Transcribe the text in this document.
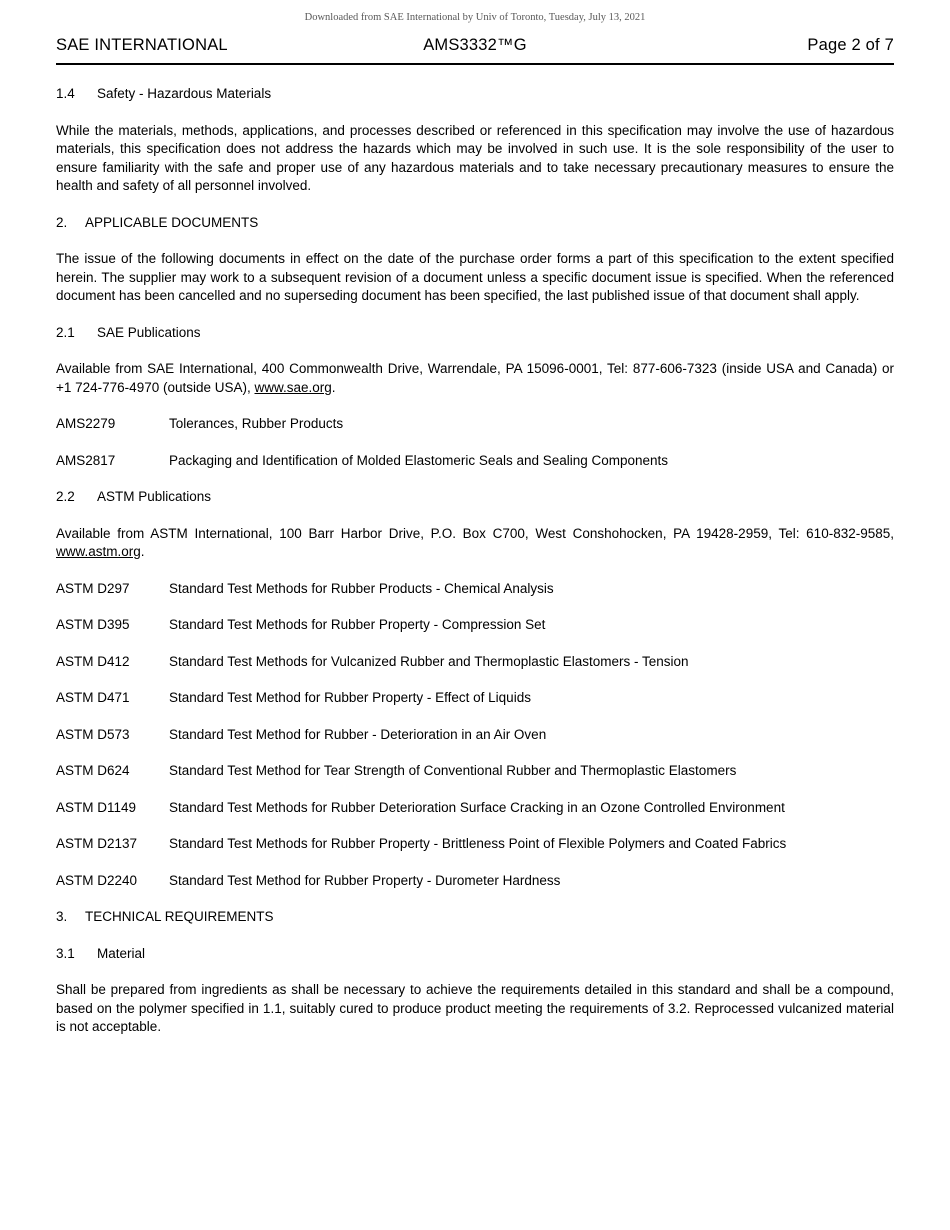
Downloaded from SAE International by Univ of Toronto, Tuesday, July 13, 2021
SAE INTERNATIONAL	AMS3332™G	Page 2 of 7

1.4 Safety - Hazardous Materials

While the materials, methods, applications, and processes described or referenced in this specification may involve the use of hazardous materials, this specification does not address the hazards which may be involved in such use. It is the sole responsibility of the user to ensure familiarity with the safe and proper use of any hazardous materials and to take necessary precautionary measures to ensure the health and safety of all personnel involved.

2. APPLICABLE DOCUMENTS

The issue of the following documents in effect on the date of the purchase order forms a part of this specification to the extent specified herein. The supplier may work to a subsequent revision of a document unless a specific document issue is specified. When the referenced document has been cancelled and no superseding document has been specified, the last published issue of that document shall apply.

2.1 SAE Publications

Available from SAE International, 400 Commonwealth Drive, Warrendale, PA 15096-0001, Tel: 877-606-7323 (inside USA and Canada) or +1 724-776-4970 (outside USA), www.sae.org.

AMS2279	Tolerances, Rubber Products
AMS2817	Packaging and Identification of Molded Elastomeric Seals and Sealing Components

2.2 ASTM Publications

Available from ASTM International, 100 Barr Harbor Drive, P.O. Box C700, West Conshohocken, PA 19428-2959, Tel: 610-832-9585, www.astm.org.

ASTM D297	Standard Test Methods for Rubber Products - Chemical Analysis
ASTM D395	Standard Test Methods for Rubber Property - Compression Set
ASTM D412	Standard Test Methods for Vulcanized Rubber and Thermoplastic Elastomers - Tension
ASTM D471	Standard Test Method for Rubber Property - Effect of Liquids
ASTM D573	Standard Test Method for Rubber - Deterioration in an Air Oven
ASTM D624	Standard Test Method for Tear Strength of Conventional Rubber and Thermoplastic Elastomers
ASTM D1149	Standard Test Methods for Rubber Deterioration Surface Cracking in an Ozone Controlled Environment
ASTM D2137	Standard Test Methods for Rubber Property - Brittleness Point of Flexible Polymers and Coated Fabrics
ASTM D2240	Standard Test Method for Rubber Property - Durometer Hardness

3. TECHNICAL REQUIREMENTS

3.1 Material

Shall be prepared from ingredients as shall be necessary to achieve the requirements detailed in this standard and shall be a compound, based on the polymer specified in 1.1, suitably cured to produce product meeting the requirements of 3.2. Reprocessed vulcanized material is not acceptable.
